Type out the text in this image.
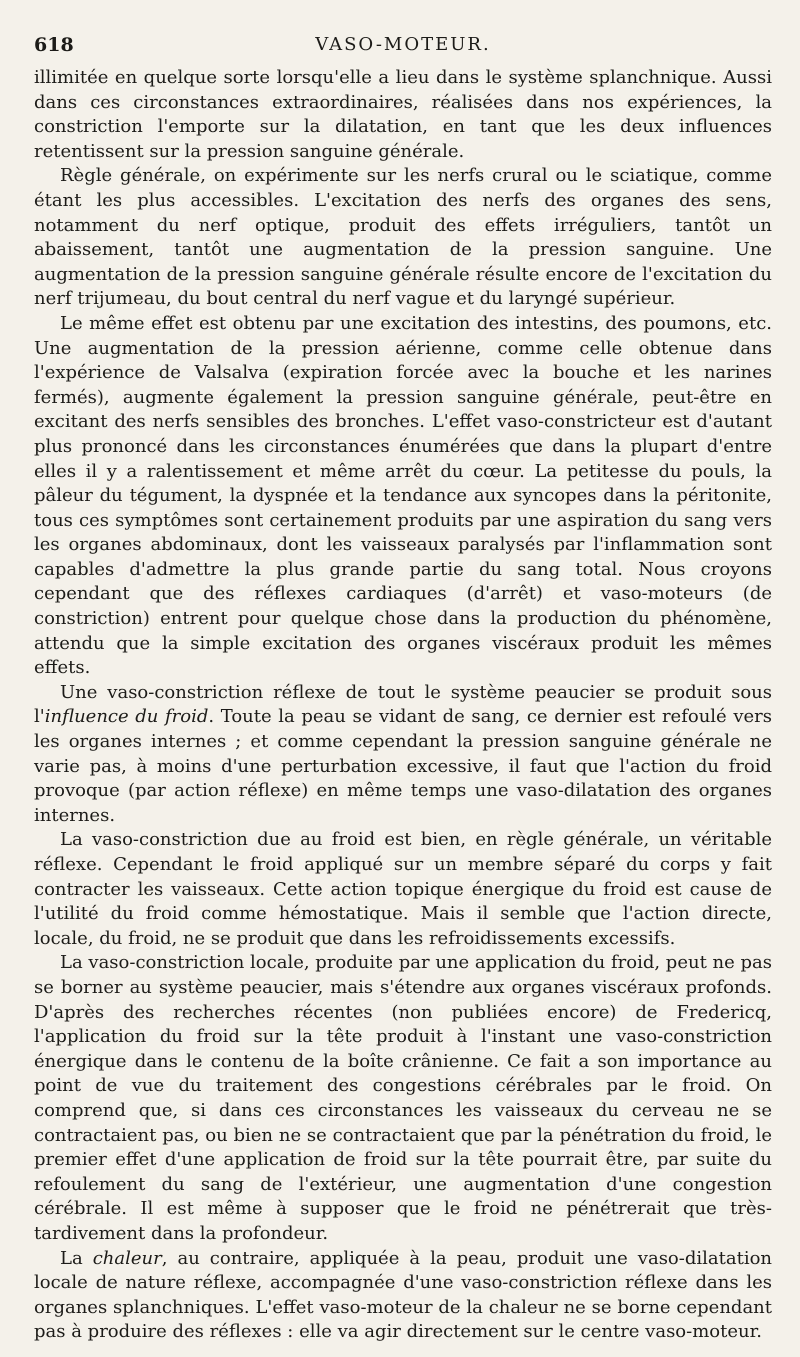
618	VASO-MOTEUR.

illimitée en quelque sorte lorsqu'elle a lieu dans le système splanchnique. Aussi dans ces circonstances extraordinaires, réalisées dans nos expériences, la constriction l'emporte sur la dilatation, en tant que les deux influences retentissent sur la pression sanguine générale.

Règle générale, on expérimente sur les nerfs crural ou le sciatique, comme étant les plus accessibles. L'excitation des nerfs des organes des sens, notamment du nerf optique, produit des effets irréguliers, tantôt un abaissement, tantôt une augmentation de la pression sanguine. Une augmentation de la pression sanguine générale résulte encore de l'excitation du nerf trijumeau, du bout central du nerf vague et du laryngé supérieur.

Le même effet est obtenu par une excitation des intestins, des poumons, etc. Une augmentation de la pression aérienne, comme celle obtenue dans l'expérience de Valsalva (expiration forcée avec la bouche et les narines fermés), augmente également la pression sanguine générale, peut-être en excitant des nerfs sensibles des bronches. L'effet vaso-constricteur est d'autant plus prononcé dans les circonstances énumérées que dans la plupart d'entre elles il y a ralentissement et même arrêt du cœur. La petitesse du pouls, la pâleur du tégument, la dyspnée et la tendance aux syncopes dans la péritonite, tous ces symptômes sont certainement produits par une aspiration du sang vers les organes abdominaux, dont les vaisseaux paralysés par l'inflammation sont capables d'admettre la plus grande partie du sang total. Nous croyons cependant que des réflexes cardiaques (d'arrêt) et vaso-moteurs (de constriction) entrent pour quelque chose dans la production du phénomène, attendu que la simple excitation des organes viscéraux produit les mêmes effets.

Une vaso-constriction réflexe de tout le système peaucier se produit sous l'influence du froid. Toute la peau se vidant de sang, ce dernier est refoulé vers les organes internes ; et comme cependant la pression sanguine générale ne varie pas, à moins d'une perturbation excessive, il faut que l'action du froid provoque (par action réflexe) en même temps une vaso-dilatation des organes internes.

La vaso-constriction due au froid est bien, en règle générale, un véritable réflexe. Cependant le froid appliqué sur un membre séparé du corps y fait contracter les vaisseaux. Cette action topique énergique du froid est cause de l'utilité du froid comme hémostatique. Mais il semble que l'action directe, locale, du froid, ne se produit que dans les refroidissements excessifs.

La vaso-constriction locale, produite par une application du froid, peut ne pas se borner au système peaucier, mais s'étendre aux organes viscéraux profonds. D'après des recherches récentes (non publiées encore) de Fredericq, l'application du froid sur la tête produit à l'instant une vaso-constriction énergique dans le contenu de la boîte crânienne. Ce fait a son importance au point de vue du traitement des congestions cérébrales par le froid. On comprend que, si dans ces circonstances les vaisseaux du cerveau ne se contractaient pas, ou bien ne se contractaient que par la pénétration du froid, le premier effet d'une application de froid sur la tête pourrait être, par suite du refoulement du sang de l'extérieur, une augmentation d'une congestion cérébrale. Il est même à supposer que le froid ne pénétrerait que très-tardivement dans la profondeur.

La chaleur, au contraire, appliquée à la peau, produit une vaso-dilatation locale de nature réflexe, accompagnée d'une vaso-constriction réflexe dans les organes splanchniques. L'effet vaso-moteur de la chaleur ne se borne cependant pas à produire des réflexes : elle va agir directement sur le centre vaso-moteur.
